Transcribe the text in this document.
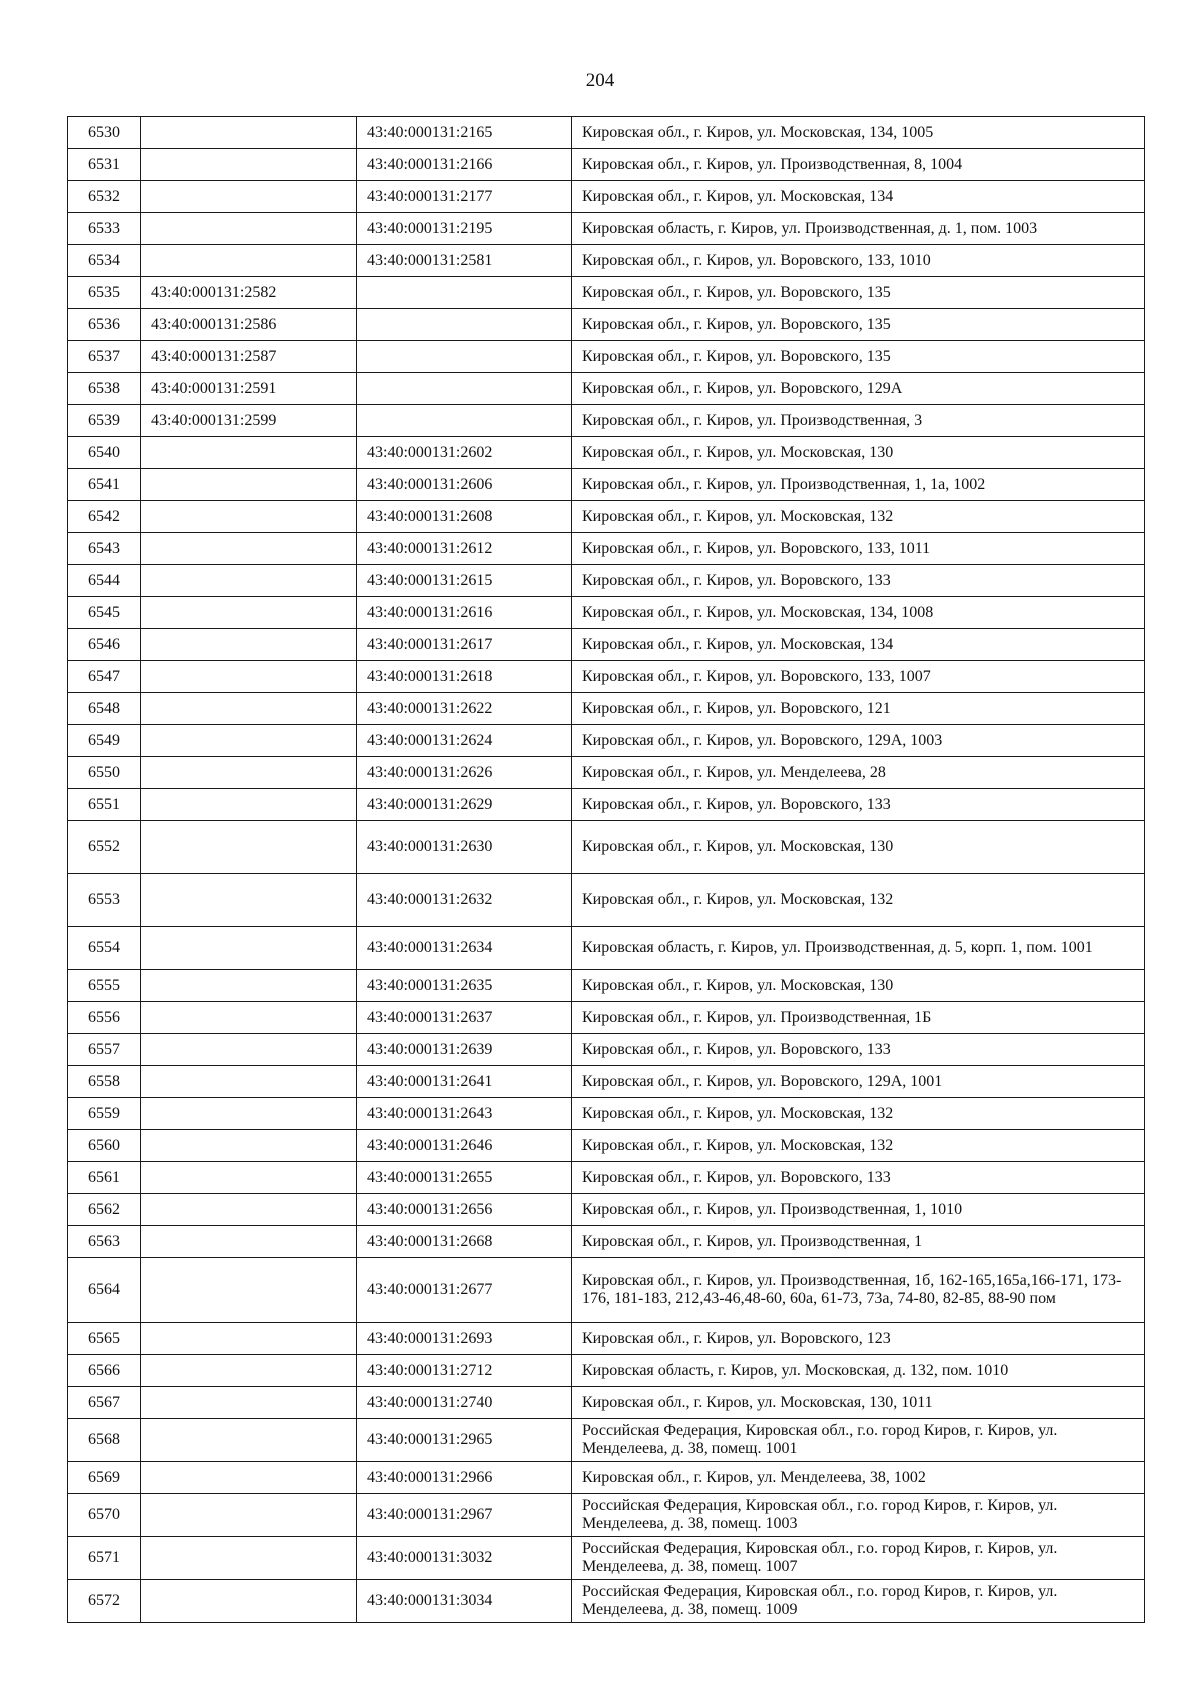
204
6530		43:40:000131:2165	Кировская обл., г. Киров, ул. Московская, 134, 1005
6531		43:40:000131:2166	Кировская обл., г. Киров, ул. Производственная, 8, 1004
6532		43:40:000131:2177	Кировская обл., г. Киров, ул. Московская, 134
6533		43:40:000131:2195	Кировская область, г. Киров, ул. Производственная, д. 1, пом. 1003
6534		43:40:000131:2581	Кировская обл., г. Киров, ул. Воровского, 133, 1010
6535	43:40:000131:2582		Кировская обл., г. Киров, ул. Воровского, 135
6536	43:40:000131:2586		Кировская обл., г. Киров, ул. Воровского, 135
6537	43:40:000131:2587		Кировская обл., г. Киров, ул. Воровского, 135
6538	43:40:000131:2591		Кировская обл., г. Киров, ул. Воровского, 129А
6539	43:40:000131:2599		Кировская обл., г. Киров, ул. Производственная, 3
6540		43:40:000131:2602	Кировская обл., г. Киров, ул. Московская, 130
6541		43:40:000131:2606	Кировская обл., г. Киров, ул. Производственная, 1, 1а, 1002
6542		43:40:000131:2608	Кировская обл., г. Киров, ул. Московская, 132
6543		43:40:000131:2612	Кировская обл., г. Киров, ул. Воровского, 133, 1011
6544		43:40:000131:2615	Кировская обл., г. Киров, ул. Воровского, 133
6545		43:40:000131:2616	Кировская обл., г. Киров, ул. Московская, 134, 1008
6546		43:40:000131:2617	Кировская обл., г. Киров, ул. Московская, 134
6547		43:40:000131:2618	Кировская обл., г. Киров, ул. Воровского, 133, 1007
6548		43:40:000131:2622	Кировская обл., г. Киров, ул. Воровского, 121
6549		43:40:000131:2624	Кировская обл., г. Киров, ул. Воровского, 129А, 1003
6550		43:40:000131:2626	Кировская обл., г. Киров, ул. Менделеева, 28
6551		43:40:000131:2629	Кировская обл., г. Киров, ул. Воровского, 133
6552		43:40:000131:2630	Кировская обл., г. Киров, ул. Московская, 130
6553		43:40:000131:2632	Кировская обл., г. Киров, ул. Московская, 132
6554		43:40:000131:2634	Кировская область, г. Киров, ул. Производственная, д. 5, корп. 1, пом. 1001
6555		43:40:000131:2635	Кировская обл., г. Киров, ул. Московская, 130
6556		43:40:000131:2637	Кировская обл., г. Киров, ул. Производственная, 1Б
6557		43:40:000131:2639	Кировская обл., г. Киров, ул. Воровского, 133
6558		43:40:000131:2641	Кировская обл., г. Киров, ул. Воровского, 129А, 1001
6559		43:40:000131:2643	Кировская обл., г. Киров, ул. Московская, 132
6560		43:40:000131:2646	Кировская обл., г. Киров, ул. Московская, 132
6561		43:40:000131:2655	Кировская обл., г. Киров, ул. Воровского, 133
6562		43:40:000131:2656	Кировская обл., г. Киров, ул. Производственная, 1, 1010
6563		43:40:000131:2668	Кировская обл., г. Киров, ул. Производственная, 1
6564		43:40:000131:2677	Кировская обл., г. Киров, ул. Производственная, 1б, 162-165,165а,166-171, 173-176, 181-183, 212,43-46,48-60, 60а, 61-73, 73а, 74-80, 82-85, 88-90 пом
6565		43:40:000131:2693	Кировская обл., г. Киров, ул. Воровского, 123
6566		43:40:000131:2712	Кировская область, г. Киров, ул. Московская, д. 132, пом. 1010
6567		43:40:000131:2740	Кировская обл., г. Киров, ул. Московская, 130, 1011
6568		43:40:000131:2965	Российская Федерация, Кировская обл., г.о. город Киров, г. Киров, ул. Менделеева, д. 38, помещ. 1001
6569		43:40:000131:2966	Кировская обл., г. Киров, ул. Менделеева, 38, 1002
6570		43:40:000131:2967	Российская Федерация, Кировская обл., г.о. город Киров, г. Киров, ул. Менделеева, д. 38, помещ. 1003
6571		43:40:000131:3032	Российская Федерация, Кировская обл., г.о. город Киров, г. Киров, ул. Менделеева, д. 38, помещ. 1007
6572		43:40:000131:3034	Российская Федерация, Кировская обл., г.о. город Киров, г. Киров, ул. Менделеева, д. 38, помещ. 1009
